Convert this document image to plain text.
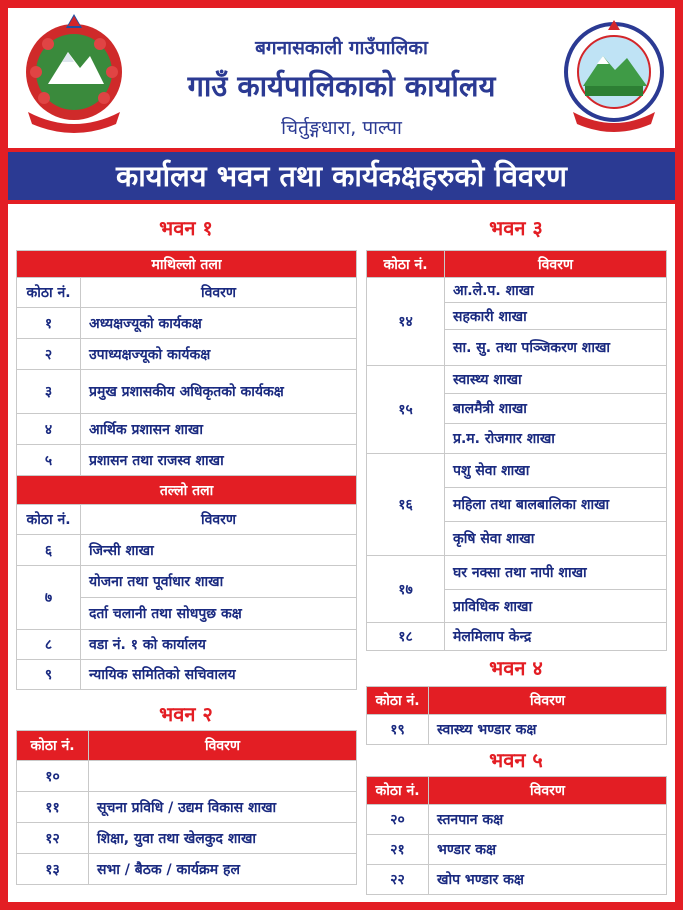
बगनासकाली गाउँपालिका
गाउँ कार्यपालिकाको कार्यालय
चिर्तुङ्गधारा, पाल्पा
कार्यालय भवन तथा कार्यकक्षहरुको विवरण
भवन १
माथिल्लो तला	
कोठा नं.	विवरण
१	अध्यक्षज्यूको कार्यकक्ष
२	उपाध्यक्षज्यूको कार्यकक्ष
३	प्रमुख प्रशासकीय अधिकृतको कार्यकक्ष
४	आर्थिक प्रशासन शाखा
५	प्रशासन तथा राजस्व शाखा
तल्लो तला	
कोठा नं.	विवरण
६	जिन्सी शाखा
७	योजना तथा पूर्वाधार शाखा
	दर्ता चलानी तथा सोधपुछ कक्ष
८	वडा नं. १ को कार्यालय
९	न्यायिक समितिको सचिवालय
भवन २
कोठा नं.	विवरण
१०	
११	सूचना प्रविधि / उद्यम विकास शाखा
१२	शिक्षा, युवा तथा खेलकुद शाखा
१३	सभा / बैठक / कार्यक्रम हल
भवन ३
कोठा नं.	विवरण
१४	आ.ले.प. शाखा
	सहकारी शाखा
	सा. सु. तथा पञ्जिकरण शाखा
१५	स्वास्थ्य शाखा
	बालमैत्री शाखा
	प्र.म. रोजगार शाखा
१६	पशु सेवा शाखा
	महिला तथा बालबालिका शाखा
	कृषि सेवा शाखा
१७	घर नक्सा तथा नापी शाखा
	प्राविधिक शाखा
१८	मेलमिलाप केन्द्र
भवन ४
कोठा नं.	विवरण
१९	स्वास्थ्य भण्डार कक्ष
भवन ५
कोठा नं.	विवरण
२०	स्तनपान कक्ष
२१	भण्डार कक्ष
२२	खोप भण्डार कक्ष
